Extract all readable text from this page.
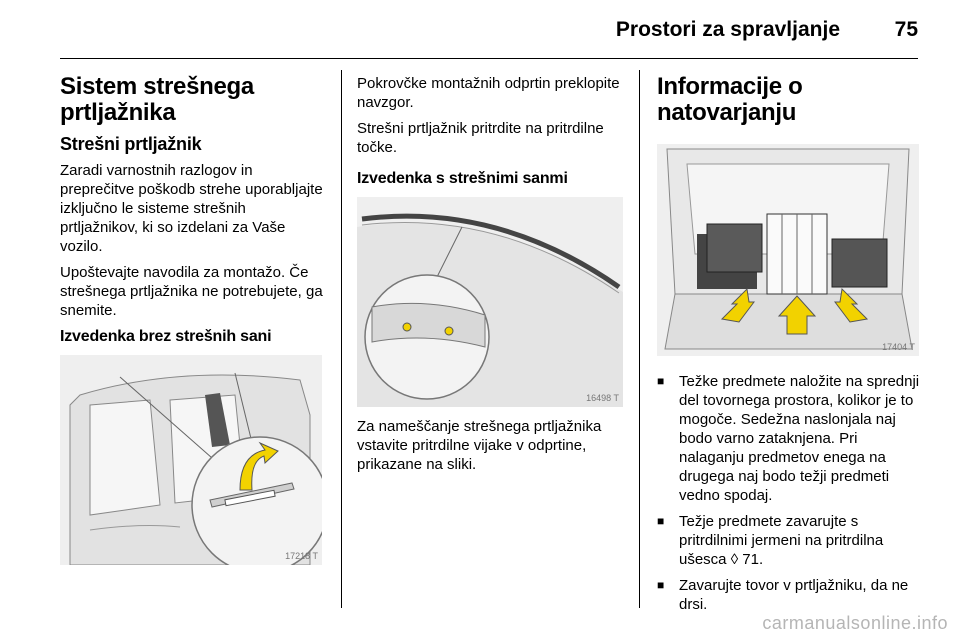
Prostori za spravljanje	75
Sistem strešnega prtljažnika
Strešni prtljažnik

Zaradi varnostnih razlogov in preprečitve poškodb strehe uporabljajte izključno le sisteme strešnih prtljažnikov, ki so izdelani za Vaše vozilo.

Upoštevajte navodila za montažo. Če strešnega prtljažnika ne potrebujete, ga snemite.

Izvedenka brez strešnih sani
17218 T

Pokrovčke montažnih odprtin preklopite navzgor.

Strešni prtljažnik pritrdite na pritrdilne točke.

Izvedenka s strešnimi sanmi
16498 T

Za nameščanje strešnega prtljažnika vstavite pritrdilne vijake v odprtine, prikazane na sliki.

Informacije o natovarjanju
17404 T
■ Težke predmete naložite na sprednji del tovornega prostora, kolikor je to mogoče. Sedežna naslonjala naj bodo varno zataknjena. Pri nalaganju predmetov enega na drugega naj bodo težji predmeti vedno spodaj.
■ Težje predmete zavarujte s pritrdilnimi jermeni na pritrdilna ušesca ◊ 71.
■ Zavarujte tovor v prtljažniku, da ne drsi.
carmanualsonline.info
